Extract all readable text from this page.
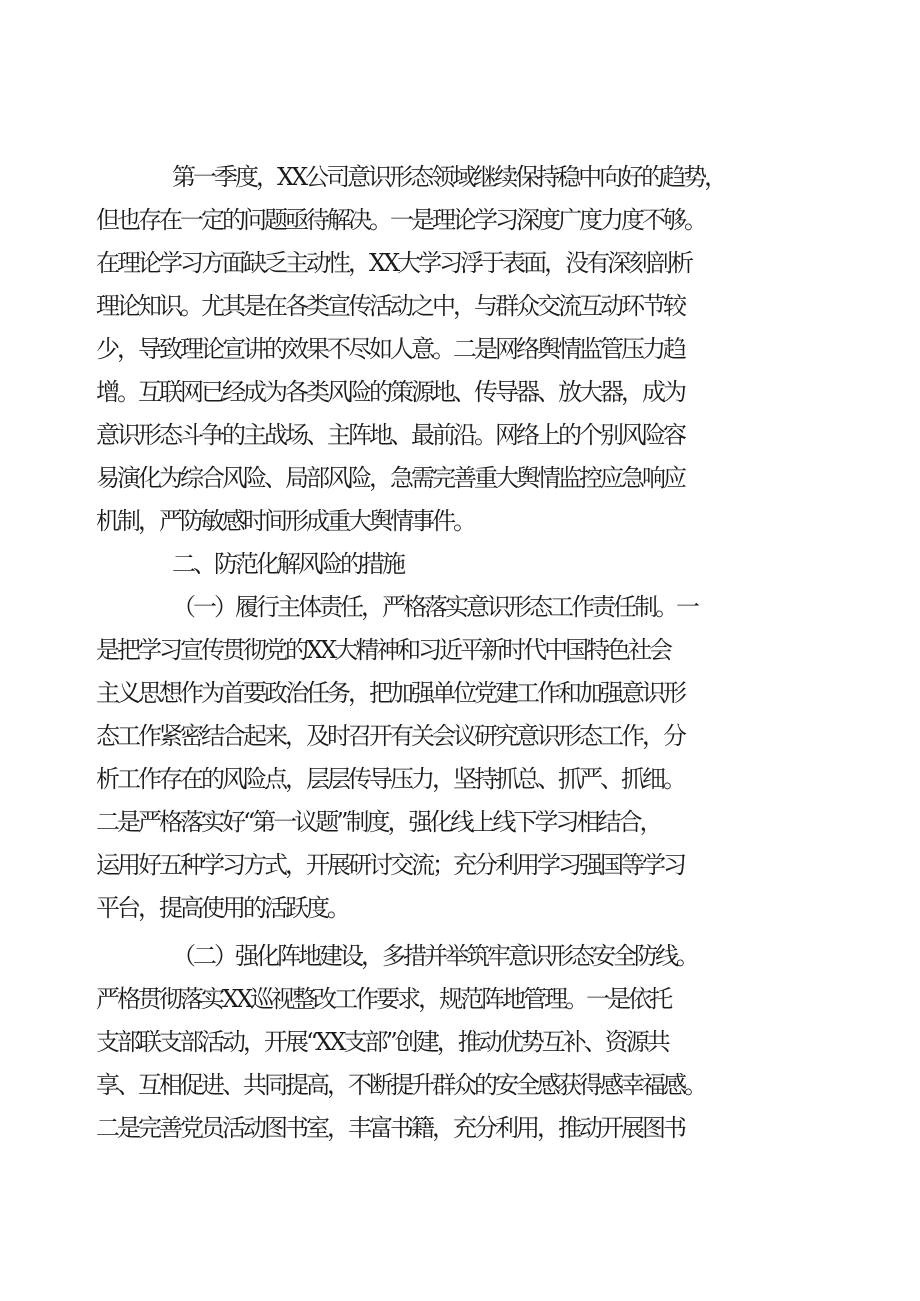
第一季度，XX公司意识形态领域继续保持稳中向好的趋势，
但也存在一定的问题亟待解决。一是理论学习深度广度力度不够。
在理论学习方面缺乏主动性，XX大学习浮于表面，没有深刻剖析
理论知识。尤其是在各类宣传活动之中，与群众交流互动环节较
少，导致理论宣讲的效果不尽如人意。二是网络舆情监管压力趋
增。互联网已经成为各类风险的策源地、传导器、放大器，成为
意识形态斗争的主战场、主阵地、最前沿。网络上的个别风险容
易演化为综合风险、局部风险，急需完善重大舆情监控应急响应
机制，严防敏感时间形成重大舆情事件。
二、防范化解风险的措施
（一）履行主体责任，严格落实意识形态工作责任制。一
是把学习宣传贯彻党的XX大精神和习近平新时代中国特色社会
主义思想作为首要政治任务，把加强单位党建工作和加强意识形
态工作紧密结合起来，及时召开有关会议研究意识形态工作，分
析工作存在的风险点，层层传导压力，坚持抓总、抓严、抓细。
二是严格落实好“第一议题”制度，强化线上线下学习相结合，
运用好五种学习方式，开展研讨交流；充分利用学习强国等学习
平台，提高使用的活跃度。
（二）强化阵地建设，多措并举筑牢意识形态安全防线。
严格贯彻落实XX巡视整改工作要求，规范阵地管理。一是依托
支部联支部活动，开展“XX支部”创建，推动优势互补、资源共
享、互相促进、共同提高，不断提升群众的安全感获得感幸福感。
二是完善党员活动图书室，丰富书籍，充分利用，推动开展图书
